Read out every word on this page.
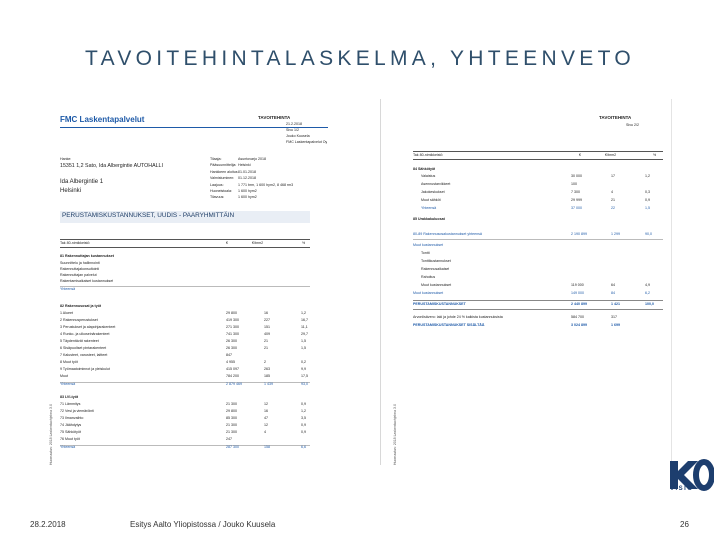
TAVOITEHINTALASKELMA, YHTEENVETO
FMC Laskentapalvelut	TAVOITEHINTA
21.2.2018
Sivu 1/2
Jouko Kuusela
FMC Laskentapalvelut Oy
Hanke:
15351 1,2 Sato, Ida Albergintie AUTOHALLI
Ida Albergintie 1
Helsinki
Tilaaja:	Asuntovarjo 2018
Pääsuunnittelija: Helsinki
Hankkeen aloitus: 01.01.2018
Valmistuminen: 01.12.2018
Laajuus:	1 771 brm, 1 600 hym2, 8 468 rm3
Huoneistoala: 1 600 hym2
Tilavuus:	1 600 hym2
PERUSTAMISKUSTANNUKSET, UUDIS - PAARYHMITTÄIN
Tak 80-nimikkeistö	€	€/brm2	%
81 Rakennuttajan kustannukset
Suunnittelu ja hallinnointi
Rakennuttajakonsultointi
Rakennuttajan palvelut
Rakentamisaikaiset kustannukset
Yhteensä
82 Rakennusosat ja työt
1 Alueet	29 800	16	1,2
2 Rakennusperustukset	419 300	227	16,7
3 Perustukset ja alapohjarakenteet	271 300	151	11,1
4 Runko- ja ulkoseinärakenteet	741 300	409	29,7
5 Täydentävät rakenteet	26 300	21	1,5
6 Sisäpuoliset pintarakenteet	26 300	21	1,5
7 Kalusteet, varusteet, laitteet	847
8 Muut työt	4 955	2	0,2
9 Työmaatoiminnot ja yleiskulut	415 097	263	9,9
Muut	784 200	185	17,5
Yhteensä	2 879 469	1 439	93,0
83 LVI-työt
71 Lämmitys	21 300	12	0,9
72 Vesi ja viemäröinti	29 800	16	1,2
73 Ilmanvaihto	85 300	47	3,5
74 Jäähdytys	21 300	12	0,9
75 Sähkötyöt	21 300	4	0,9
76 Muut työt	247
Yhteensä	287 300	158	6,6
Huomautus: 2018 Laskentaohjelma 3.0
TAVOITEHINTA
Sivu 2/2
Tak 80-nimikkeistö	€	€/brm2	%
84 Sähkötyöt
Valaistus	30 000	17	1,2
Asennustarvikkeet	100
Jakokeskukset	7 300	4	0,3
Muut sähköt	29 999	21	0,9
Yhteensä	37 000	22	1,5
85 Urakkakuluosat
80-89 Rakennusosakustannukset yhteensä	2 190 899	1 299	90,0
Muut kustannukset
Tontti
Tonttikustannukset
Rakennusaikaiset
Rahoitus
Muut kustannukset	119 000	64	4,9
Muut kustannukset	149 000	84	6,2
PERUSTAMISKUSTANNUKSET	2 440 899	1 421	100,0
Arvonlisävero: laki ja johde 24 % kaikista kustannuksista	584 700	317
PERUSTAMISKUSTANNUKSET SISÄLTÄÄ	3 024 899	1 699
Huomautus: 2018 Laskentaohjelma 3.0
VISIO
28.2.2018	Esitys Aalto Yliopistossa / Jouko Kuusela	26
